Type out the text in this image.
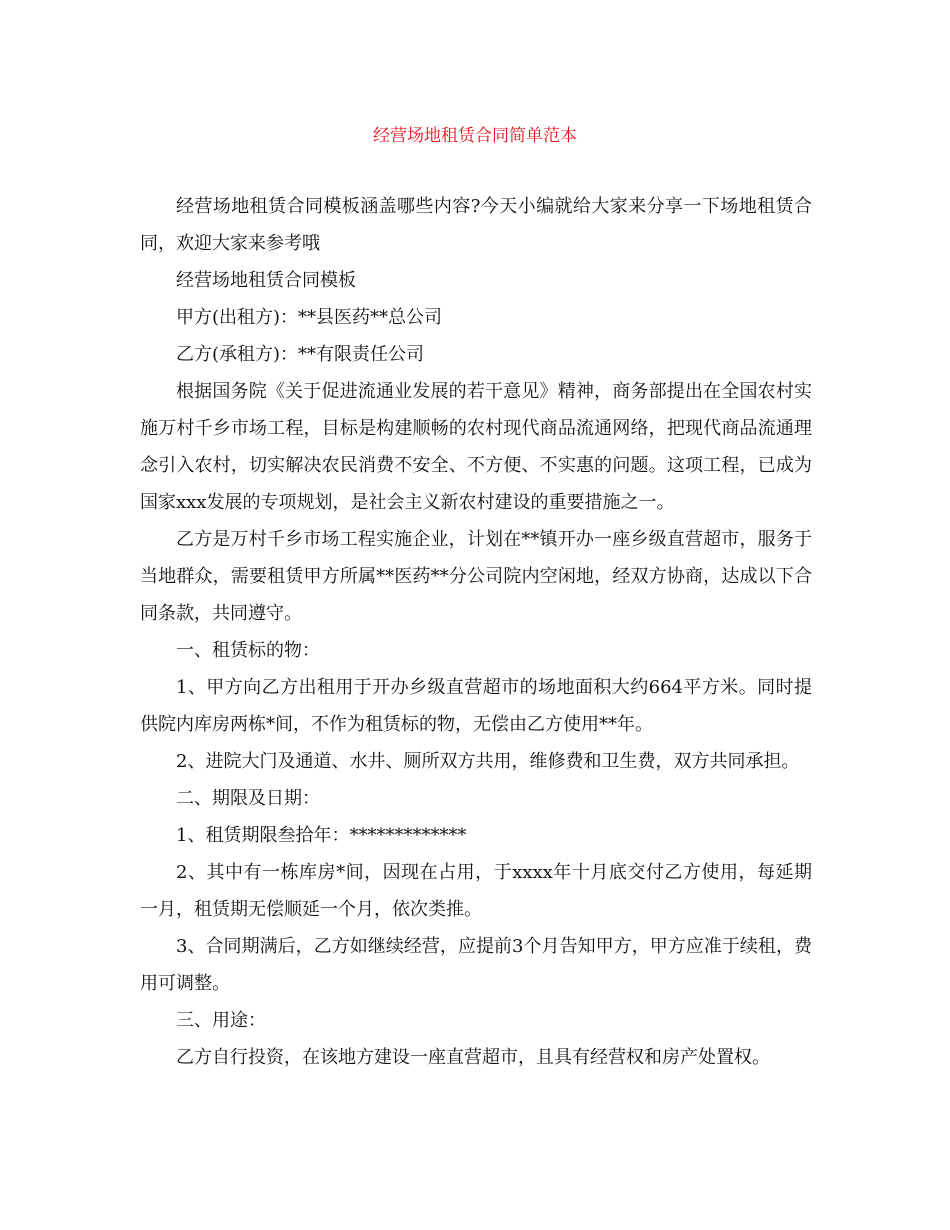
经营场地租赁合同简单范本

经营场地租赁合同模板涵盖哪些内容?今天小编就给大家来分享一下场地租赁合同，欢迎大家来参考哦

经营场地租赁合同模板

甲方(出租方)：**县医药**总公司

乙方(承租方)：**有限责任公司

根据国务院《关于促进流通业发展的若干意见》精神，商务部提出在全国农村实施万村千乡市场工程，目标是构建顺畅的农村现代商品流通网络，把现代商品流通理念引入农村，切实解决农民消费不安全、不方便、不实惠的问题。这项工程，已成为国家xxx发展的专项规划，是社会主义新农村建设的重要措施之一。

乙方是万村千乡市场工程实施企业，计划在**镇开办一座乡级直营超市，服务于当地群众，需要租赁甲方所属**医药**分公司院内空闲地，经双方协商，达成以下合同条款，共同遵守。

一、租赁标的物：

1、甲方向乙方出租用于开办乡级直营超市的场地面积大约664平方米。同时提供院内库房两栋*间，不作为租赁标的物，无偿由乙方使用**年。

2、进院大门及通道、水井、厕所双方共用，维修费和卫生费，双方共同承担。

二、期限及日期：

1、租赁期限叁拾年：*************

2、其中有一栋库房*间，因现在占用，于xxxx年十月底交付乙方使用，每延期一月，租赁期无偿顺延一个月，依次类推。

3、合同期满后，乙方如继续经营，应提前3个月告知甲方，甲方应准于续租，费用可调整。

三、用途：

乙方自行投资，在该地方建设一座直营超市，且具有经营权和房产处置权。
